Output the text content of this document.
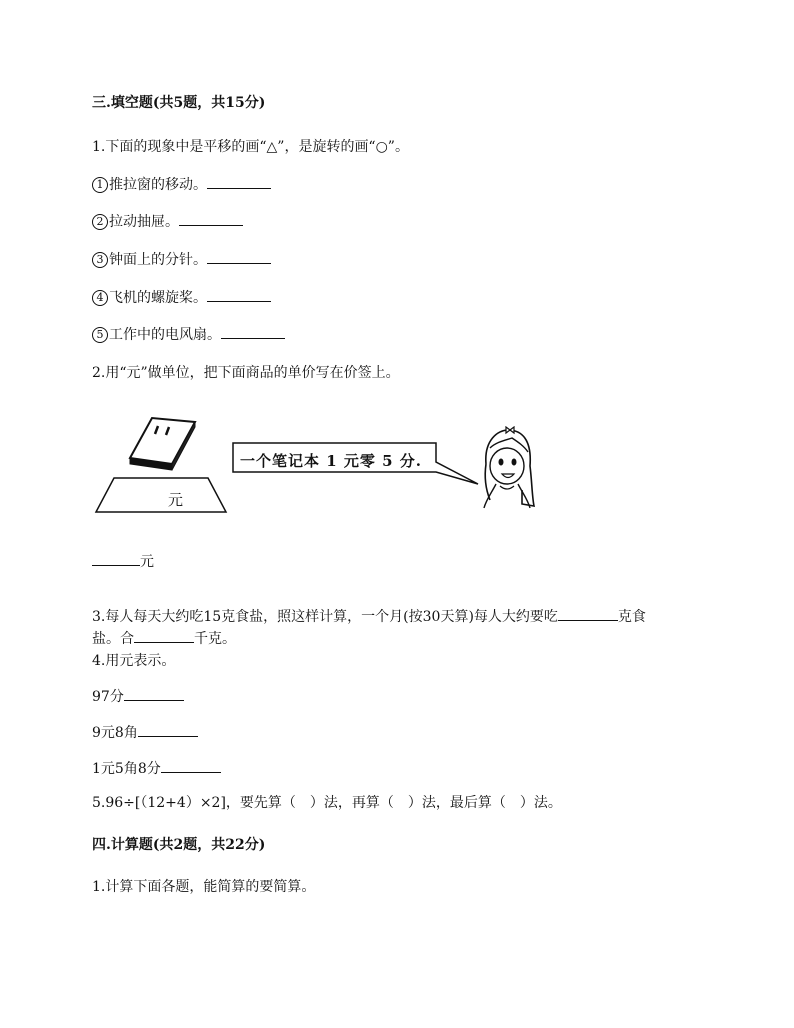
三.填空题(共5题，共15分)
1.下面的现象中是平移的画“△”，是旋转的画“○”。
1 推拉窗的移动。
2 拉动抽屉。
3 钟面上的分针。
4 飞机的螺旋桨。
5 工作中的电风扇。
2.用“元”做单位，把下面商品的单价写在价签上。
元
一个笔记本 1 元零 5 分.
元
3.每人每天大约吃15克食盐，照这样计算，一个月(按30天算)每人大约要吃	克食
盐。合	千克。
4.用元表示。
97分
9元8角
1元5角8分
5.96÷[（12+4）×2]，要先算（　）法，再算（　）法，最后算（　）法。
四.计算题(共2题，共22分)
1.计算下面各题，能简算的要简算。
